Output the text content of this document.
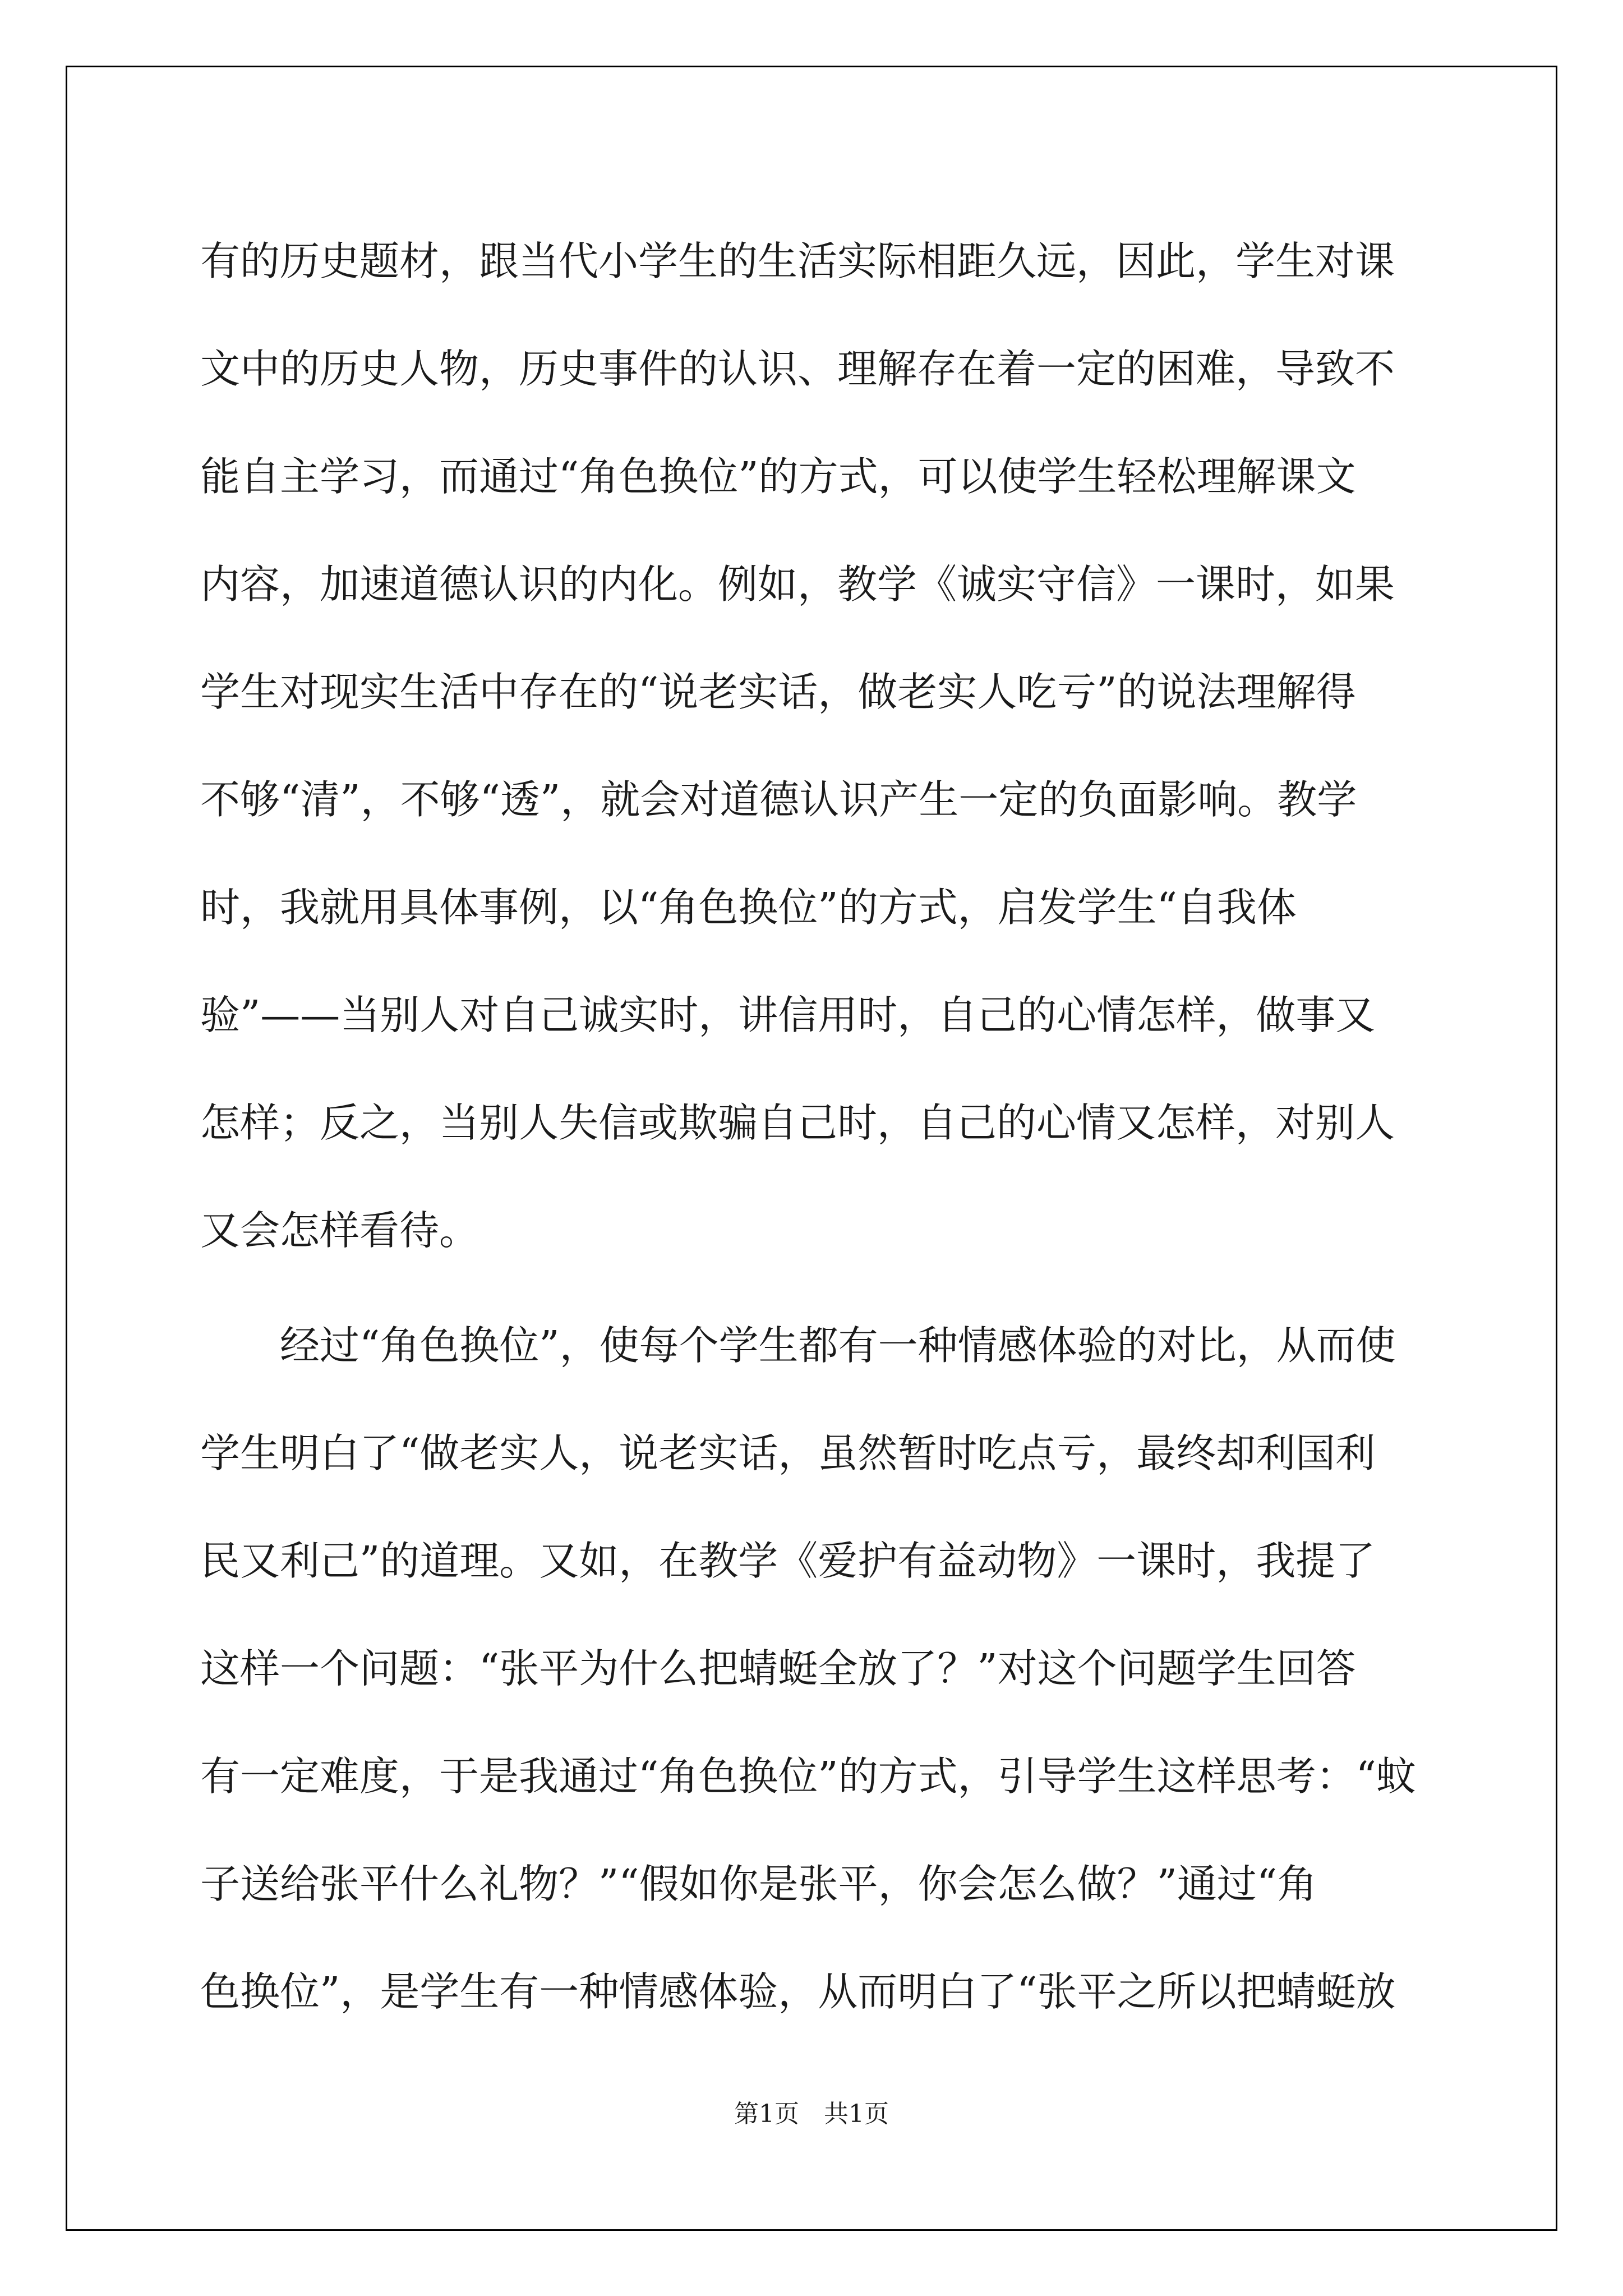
有的历史题材，跟当代小学生的生活实际相距久远，因此，学生对课
文中的历史人物，历史事件的认识、理解存在着一定的困难，导致不
能自主学习，而通过“角色换位”的方式，可以使学生轻松理解课文
内容，加速道德认识的内化。例如，教学《诚实守信》一课时，如果
学生对现实生活中存在的“说老实话，做老实人吃亏”的说法理解得
不够“清”，不够“透”，就会对道德认识产生一定的负面影响。教学
时，我就用具体事例，以“角色换位”的方式，启发学生“自我体
验”——当别人对自己诚实时，讲信用时，自己的心情怎样，做事又
怎样；反之，当别人失信或欺骗自己时，自己的心情又怎样，对别人
又会怎样看待。
　　经过“角色换位”，使每个学生都有一种情感体验的对比，从而使
学生明白了“做老实人，说老实话，虽然暂时吃点亏，最终却利国利
民又利己”的道理。又如，在教学《爱护有益动物》一课时，我提了
这样一个问题：“张平为什么把蜻蜓全放了？”对这个问题学生回答
有一定难度，于是我通过“角色换位”的方式，引导学生这样思考：“蚊
子送给张平什么礼物？”“假如你是张平，你会怎么做？”通过“角
色换位”，是学生有一种情感体验，从而明白了“张平之所以把蜻蜓放
第1页　共1页
